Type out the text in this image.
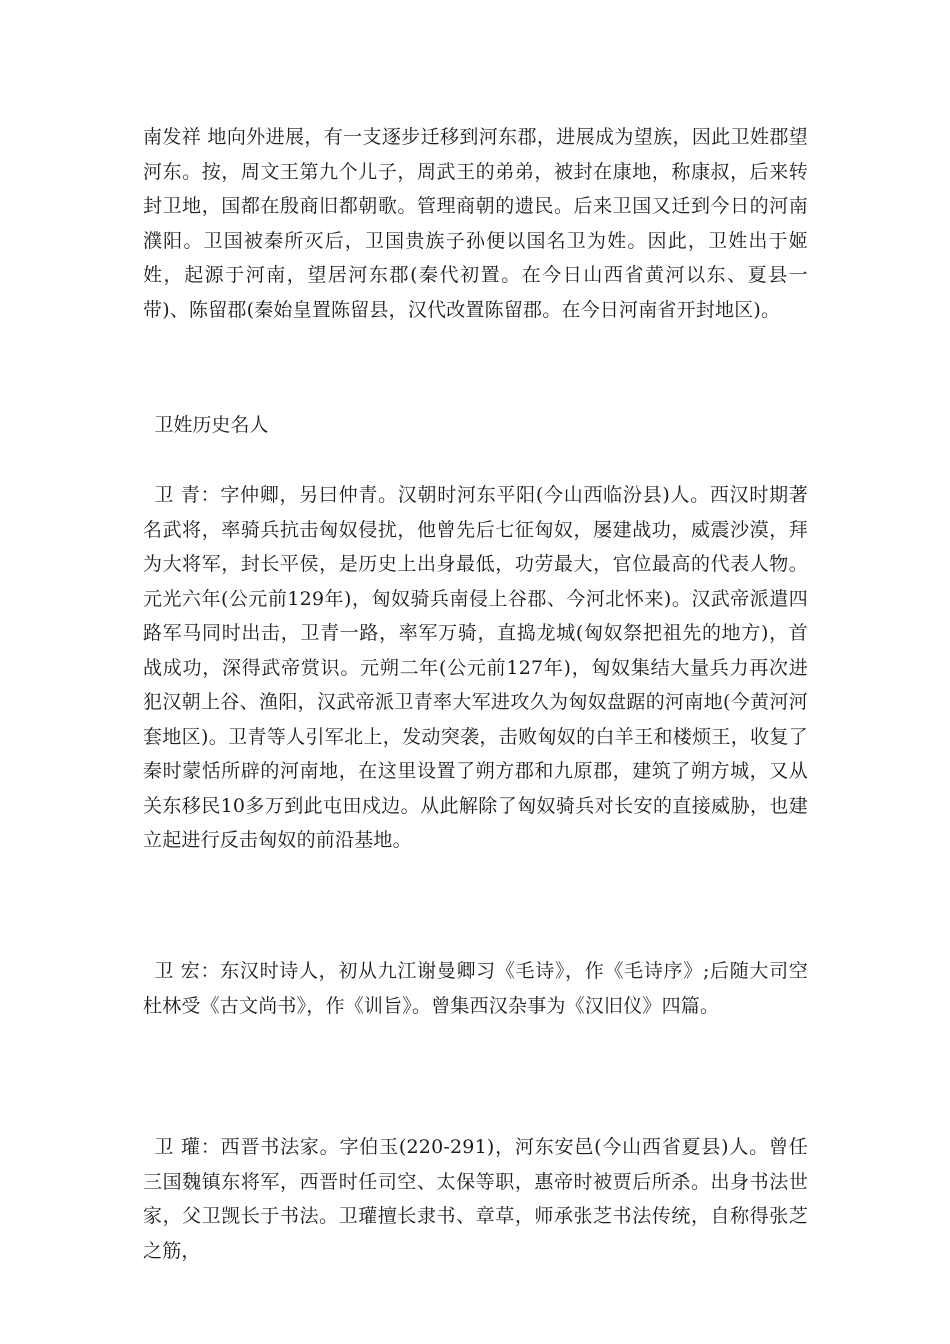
南发祥 地向外进展，有一支逐步迁移到河东郡，进展成为望族，因此卫姓郡望河东。按，周文王第九个儿子，周武王的弟弟，被封在康地，称康叔，后来转封卫地，国都在殷商旧都朝歌。管理商朝的遗民。后来卫国又迁到今日的河南濮阳。卫国被秦所灭后，卫国贵族子孙便以国名卫为姓。因此，卫姓出于姬姓，起源于河南，望居河东郡(秦代初置。在今日山西省黄河以东、夏县一带)、陈留郡(秦始皇置陈留县，汉代改置陈留郡。在今日河南省开封地区)。

卫姓历史名人

卫 青：字仲卿，另曰仲青。汉朝时河东平阳(今山西临汾县)人。西汉时期著名武将，率骑兵抗击匈奴侵扰，他曾先后七征匈奴，屡建战功，威震沙漠，拜为大将军，封长平侯，是历史上出身最低，功劳最大，官位最高的代表人物。元光六年(公元前129年)，匈奴骑兵南侵上谷郡、今河北怀来)。汉武帝派遣四路军马同时出击，卫青一路，率军万骑，直捣龙城(匈奴祭把祖先的地方)，首战成功，深得武帝赏识。元朔二年(公元前127年)，匈奴集结大量兵力再次进犯汉朝上谷、渔阳，汉武帝派卫青率大军进攻久为匈奴盘踞的河南地(今黄河河套地区)。卫青等人引军北上，发动突袭，击败匈奴的白羊王和楼烦王，收复了秦时蒙恬所辟的河南地，在这里设置了朔方郡和九原郡，建筑了朔方城，又从关东移民10多万到此屯田戍边。从此解除了匈奴骑兵对长安的直接威胁，也建立起进行反击匈奴的前沿基地。

卫 宏：东汉时诗人，初从九江谢曼卿习《毛诗》，作《毛诗序》;后随大司空杜林受《古文尚书》，作《训旨》。曾集西汉杂事为《汉旧仪》四篇。

卫 瓘：西晋书法家。字伯玉(220-291)，河东安邑(今山西省夏县)人。曾任三国魏镇东将军，西晋时任司空、太保等职，惠帝时被贾后所杀。出身书法世家，父卫觊长于书法。卫瓘擅长隶书、章草，师承张芝书法传统，自称得张芝之筋，
